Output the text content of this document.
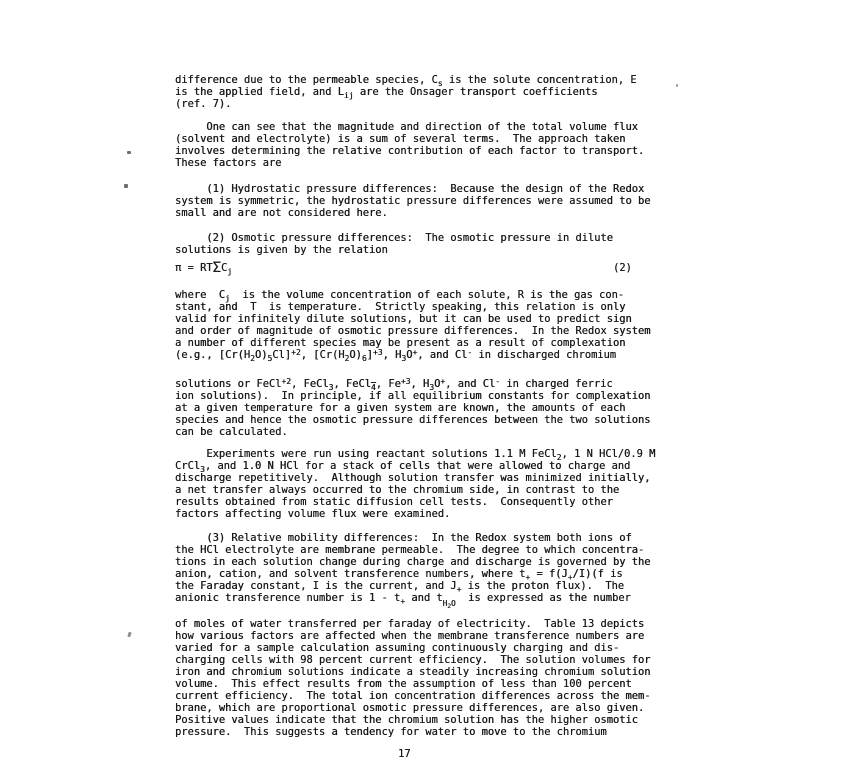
difference due to the permeable species, $C_s$ is the solute concentration, E
is the applied field, and $L_{ij}$ are the Onsager transport coefficients
(ref. 7).
One can see that the magnitude and direction of the total volume flux
(solvent and electrolyte) is a sum of several terms.  The approach taken
involves determining the relative contribution of each factor to transport.
These factors are
(1) Hydrostatic pressure differences:  Because the design of the Redox
system is symmetric, the hydrostatic pressure differences were assumed to be
small and are not considered here.
(2) Osmotic pressure differences:  The osmotic pressure in dilute
solutions is given by the relation
$\pi = RT\Sigma C_j$	(2)
where  $C_j$  is the volume concentration of each solute, R is the gas con-
stant, and  T  is temperature.  Strictly speaking, this relation is only
valid for infinitely dilute solutions, but it can be used to predict sign
and order of magnitude of osmotic pressure differences.  In the Redox system
a number of different species may be present as a result of complexation
(e.g., $[Cr(H_2O)_5Cl]^{+2}$, $[Cr(H_2O)_6]^{+3}$, $H_3O^+$, and Cl- in discharged chromium
solutions or FeCl$^{+2}$, FeCl$_3$, FeCl$_4$, $Fe^{+3}$, $H_3O^+$, and Cl- in charged ferric
ion solutions).  In principle, if all equilibrium constants for complexation
at a given temperature for a given system are known, the amounts of each
species and hence the osmotic pressure differences between the two solutions
can be calculated.
Experiments were run using reactant solutions 1.1 M FeCl$_2$, 1 N HCl/0.9 M
CrCl$_3$, and 1.0 N HCl for a stack of cells that were allowed to charge and
discharge repetitively.  Although solution transfer was minimized initially,
a net transfer always occurred to the chromium side, in contrast to the
results obtained from static diffusion cell tests.  Consequently other
factors affecting volume flux were examined.
(3) Relative mobility differences:  In the Redox system both ions of
the HCl electrolyte are membrane permeable.  The degree to which concentra-
tions in each solution change during charge and discharge is governed by the
anion, cation, and solvent transference numbers, where $t_+ = f(J_+/I)(f$ is
the Faraday constant, I is the current, and $J_+$ is the proton flux).  The
anionic transference number is $1 - t_+$ and $t_{H2O}$  is expressed as the number
of moles of water transferred per faraday of electricity.  Table 13 depicts
how various factors are affected when the membrane transference numbers are
varied for a sample calculation assuming continuously charging and dis-
charging cells with 98 percent current efficiency.  The solution volumes for
iron and chromium solutions indicate a steadily increasing chromium solution
volume.  This effect results from the assumption of less than 100 percent
current efficiency.  The total ion concentration differences across the mem-
brane, which are proportional osmotic pressure differences, are also given.
Positive values indicate that the chromium solution has the higher osmotic
pressure.  This suggests a tendency for water to move to the chromium
17
